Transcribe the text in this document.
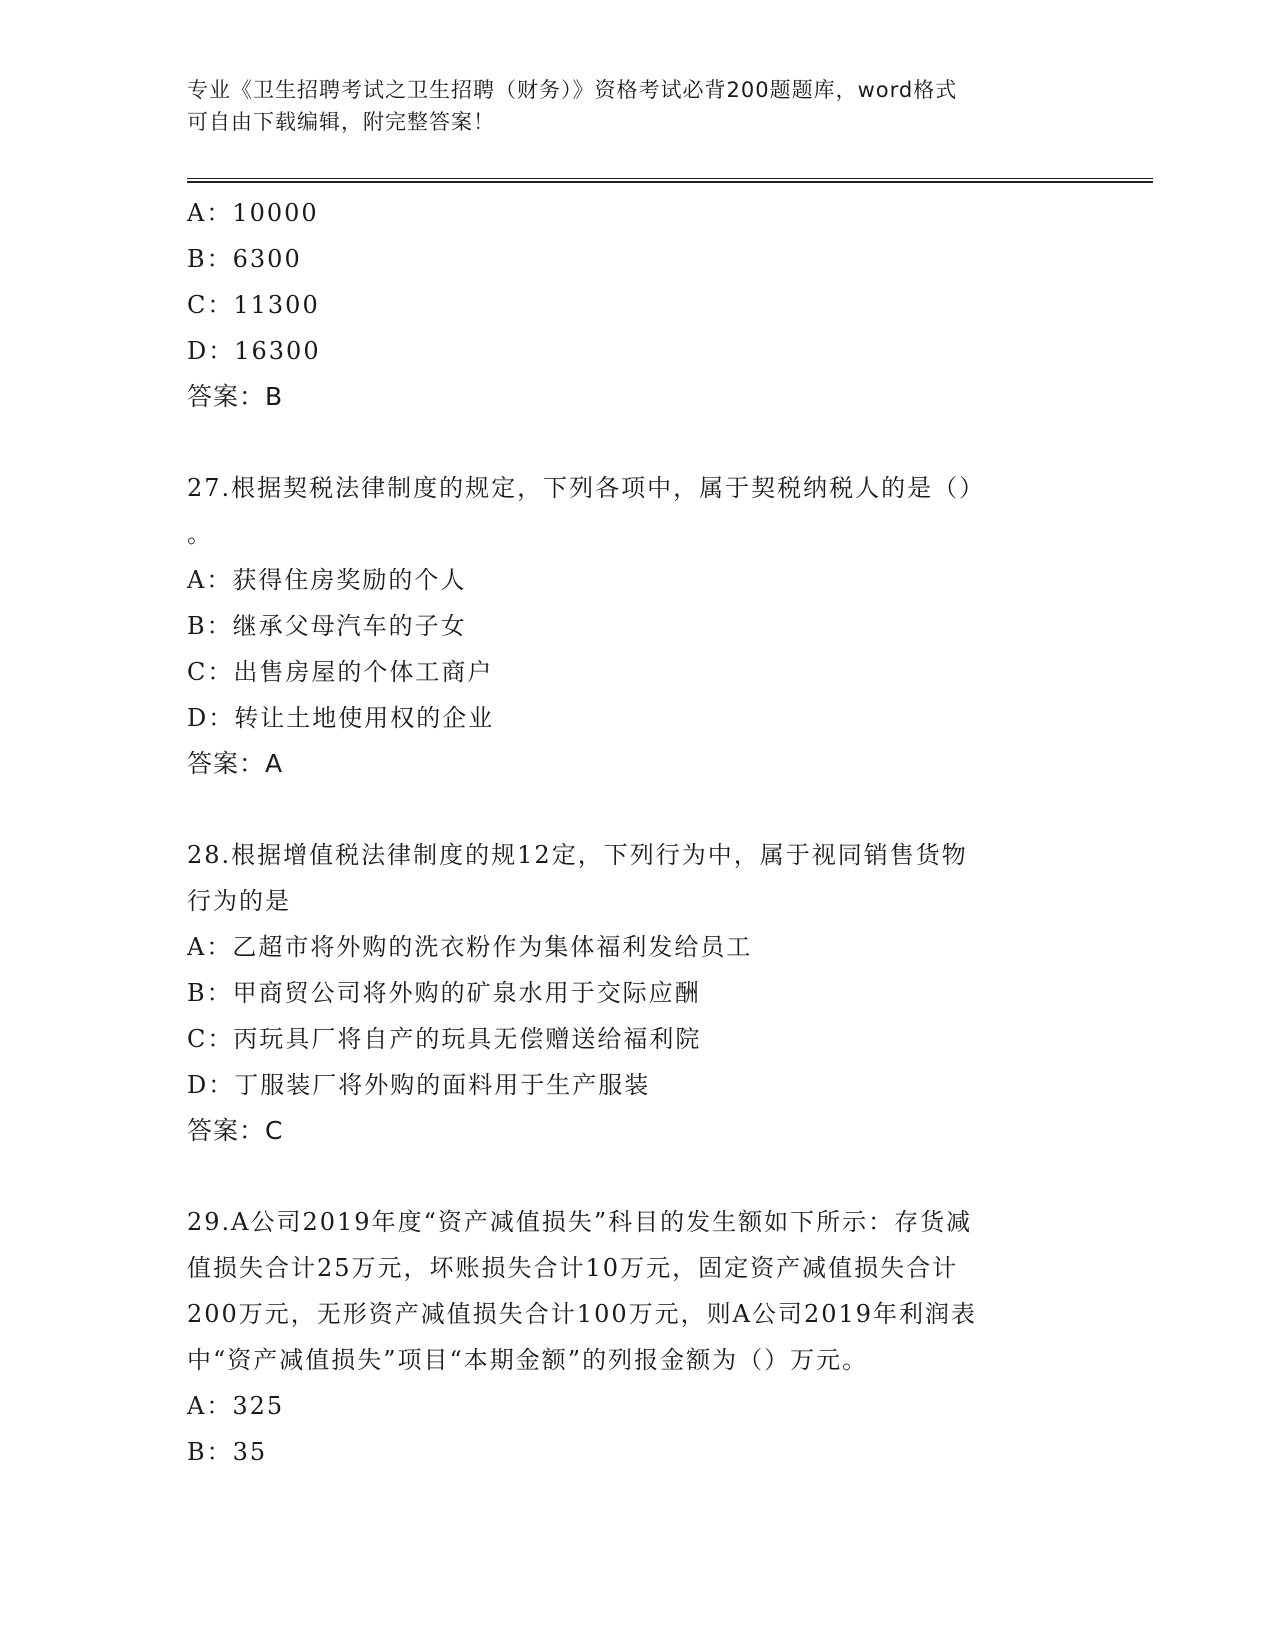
专业《卫生招聘考试之卫生招聘（财务）》资格考试必背200题题库，word格式
可自由下载编辑，附完整答案！
A：10000
B：6300
C：11300
D：16300
答案：B
27.根据契税法律制度的规定，下列各项中，属于契税纳税人的是（）
。
A：获得住房奖励的个人
B：继承父母汽车的子女
C：出售房屋的个体工商户
D：转让土地使用权的企业
答案：A
28.根据增值税法律制度的规12定，下列行为中，属于视同销售货物
行为的是
A：乙超市将外购的洗衣粉作为集体福利发给员工
B：甲商贸公司将外购的矿泉水用于交际应酬
C：丙玩具厂将自产的玩具无偿赠送给福利院
D：丁服装厂将外购的面料用于生产服装
答案：C
29.A公司2019年度“资产减值损失”科目的发生额如下所示：存货减
值损失合计25万元，坏账损失合计10万元，固定资产减值损失合计
200万元，无形资产减值损失合计100万元，则A公司2019年利润表
中“资产减值损失”项目“本期金额”的列报金额为（）万元。
A：325
B：35
